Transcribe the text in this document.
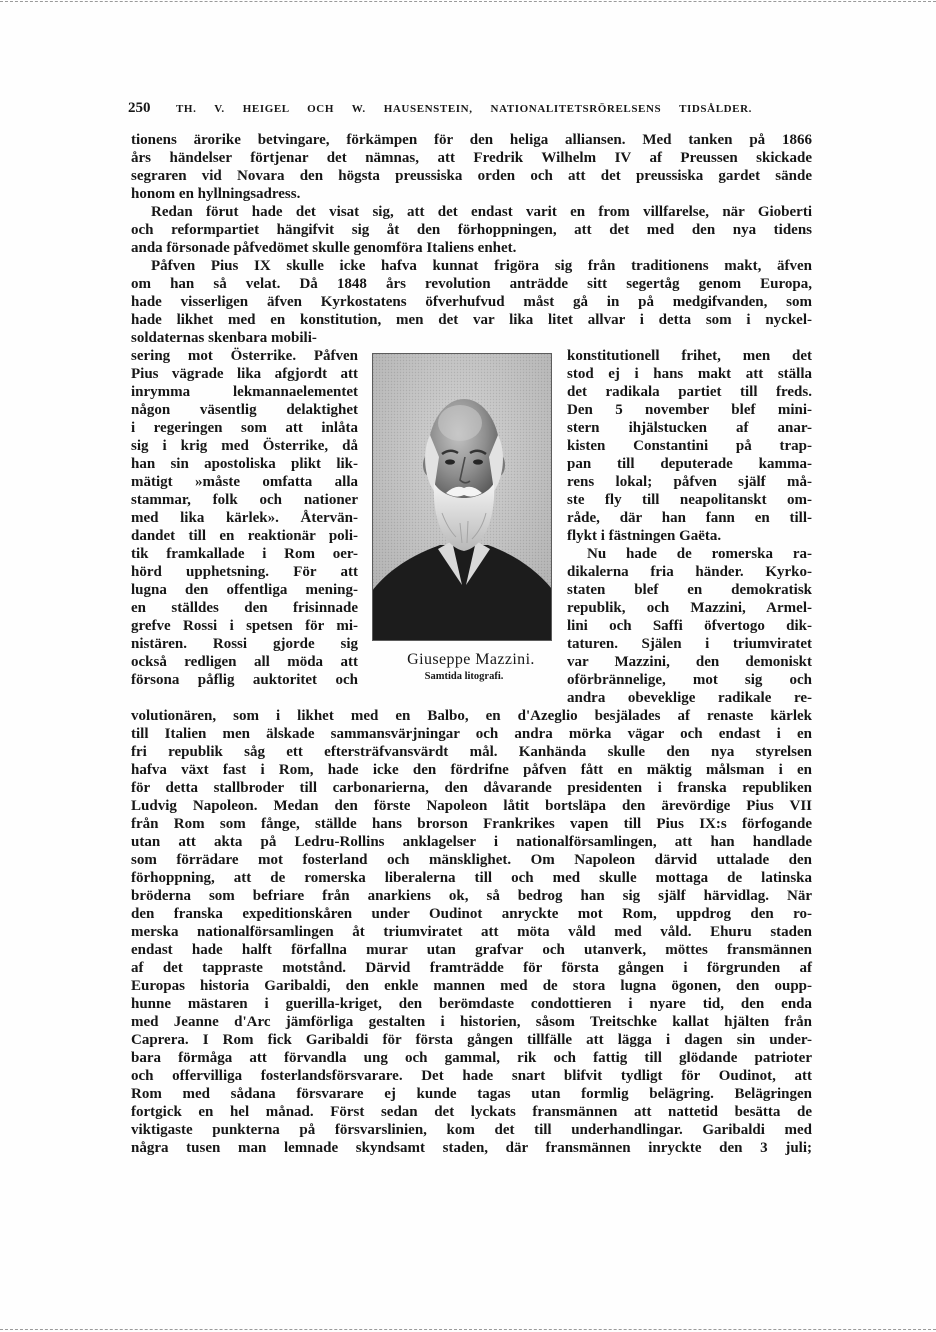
250 TH. V. HEIGEL OCH W. HAUSENSTEIN, NATIONALITETSRÖRELSENS TIDSÅLDER.
tionens ärorike betvingare, förkämpen för den heliga alliansen. Med tanken på 1866
års händelser förtjenar det nämnas, att Fredrik Wilhelm IV af Preussen skickade
segraren vid Novara den högsta preussiska orden och att det preussiska gardet sände
honom en hyllningsadress.
Redan förut hade det visat sig, att det endast varit en from villfarelse, när Gioberti
och reformpartiet hängifvit sig åt den förhoppningen, att det med den nya tidens
anda försonade påfvedömet skulle genomföra Italiens enhet.
Påfven Pius IX skulle icke hafva kunnat frigöra sig från traditionens makt, äfven
om han så velat. Då 1848 års revolution anträdde sitt segertåg genom Europa,
hade visserligen äfven Kyrkostatens öfverhufvud måst gå in på medgifvanden, som
hade likhet med en konstitution, men det var lika litet allvar i detta som i nyckel-
soldaternas skenbara mobili-
sering mot Österrike. Påfven
Pius vägrade lika afgjordt att
inrymma lekmannaelementet
någon väsentlig delaktighet
i regeringen som att inlåta
sig i krig med Österrike, då
han sin apostoliska plikt lik-
mätigt »måste omfatta alla
stammar, folk och nationer
med lika kärlek». Återvän-
dandet till en reaktionär poli-
tik framkallade i Rom oer-
hörd upphetsning. För att
lugna den offentliga mening-
en ställdes den frisinnade
grefve Rossi i spetsen för mi-
nistären. Rossi gjorde sig
också redligen all möda att
försona påflig auktoritet och
Giuseppe Mazzini.
Samtida litografi.
konstitutionell frihet, men det
stod ej i hans makt att ställa
det radikala partiet till freds.
Den 5 november blef mini-
stern ihjälstucken af anar-
kisten Constantini på trap-
pan till deputerade kamma-
rens lokal; påfven själf må-
ste fly till neapolitanskt om-
råde, där han fann en till-
flykt i fästningen Gaëta.
Nu hade de romerska ra-
dikalerna fria händer. Kyrko-
staten blef en demokratisk
republik, och Mazzini, Armel-
lini och Saffi öfvertogo dik-
taturen. Själen i triumviratet
var Mazzini, den demoniskt
oförbrännelige, mot sig och
andra obeveklige radikale re-
volutionären, som i likhet med en Balbo, en d'Azeglio besjälades af renaste kärlek
till Italien men älskade sammansvärjningar och andra mörka vägar och endast i en
fri republik såg ett eftersträfvansvärdt mål. Kanhända skulle den nya styrelsen
hafva växt fast i Rom, hade icke den fördrifne påfven fått en mäktig målsman i en
för detta stallbroder till carbonarierna, den dåvarande presidenten i franska republiken
Ludvig Napoleon. Medan den förste Napoleon låtit bortsläpa den ärevördige Pius VII
från Rom som fånge, ställde hans brorson Frankrikes vapen till Pius IX:s förfogande
utan att akta på Ledru-Rollins anklagelser i nationalförsamlingen, att han handlade
som förrädare mot fosterland och mänsklighet. Om Napoleon därvid uttalade den
förhoppning, att de romerska liberalerna till och med skulle mottaga de latinska
bröderna som befriare från anarkiens ok, så bedrog han sig själf härvidlag. När
den franska expeditionskåren under Oudinot anryckte mot Rom, uppdrog den ro-
merska nationalförsamlingen åt triumviratet att möta våld med våld. Ehuru staden
endast hade halft förfallna murar utan grafvar och utanverk, möttes fransmännen
af det tappraste motstånd. Därvid framträdde för första gången i förgrunden af
Europas historia Garibaldi, den enkle mannen med de stora lugna ögonen, den oupp-
hunne mästaren i guerilla-kriget, den berömdaste condottieren i nyare tid, den enda
med Jeanne d'Arc jämförliga gestalten i historien, såsom Treitschke kallat hjälten från
Caprera. I Rom fick Garibaldi för första gången tillfälle att lägga i dagen sin under-
bara förmåga att förvandla ung och gammal, rik och fattig till glödande patrioter
och offervilliga fosterlandsförsvarare. Det hade snart blifvit tydligt för Oudinot, att
Rom med sådana försvarare ej kunde tagas utan formlig belägring. Belägringen
fortgick en hel månad. Först sedan det lyckats fransmännen att nattetid besätta de
viktigaste punkterna på försvarslinien, kom det till underhandlingar. Garibaldi med
några tusen man lemnade skyndsamt staden, där fransmännen inryckte den 3 juli;
